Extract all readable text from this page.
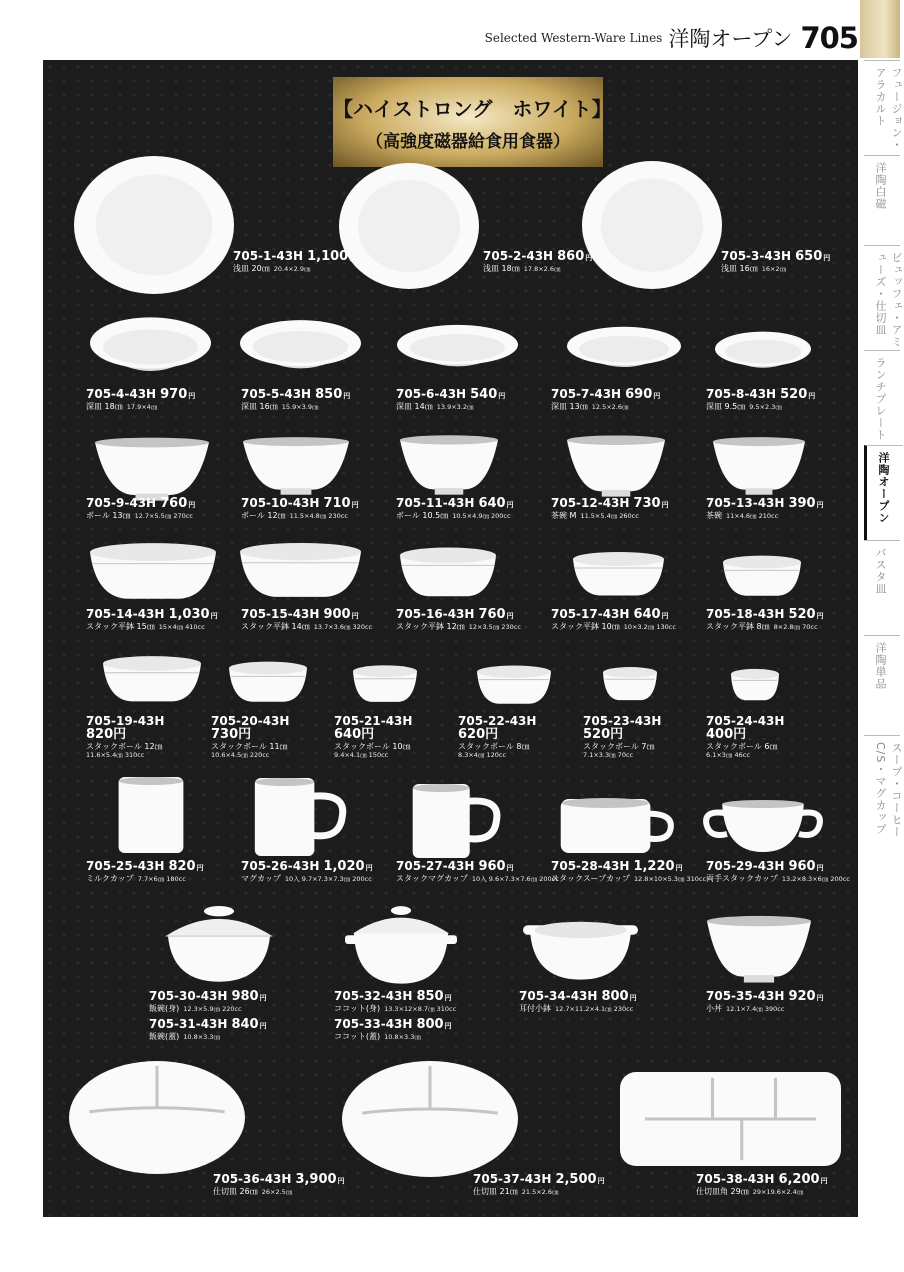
Selected Western-Ware Lines 洋陶オープン 705
【ハイストロング　ホワイト】
（高強度磁器給食用食器）
705-1-43H 1,100
浅皿 20㎝ 20.4×2.9㎝
705-2-43H 860円
浅皿 18㎝ 17.8×2.6㎝
705-3-43H 650円
浅皿 16㎝ 16×2㎝
705-4-43H 970円
深皿 18㎝ 17.9×4㎝
705-5-43H 850円
深皿 16㎝ 15.9×3.9㎝
705-6-43H 540円
深皿 14㎝ 13.9×3.2㎝
705-7-43H 690円
深皿 13㎝ 12.5×2.6㎝
705-8-43H 520円
深皿 9.5㎝ 9.5×2.3㎝
705-9-43H 760円
ボール 13㎝ 12.7×5.5㎝ 270cc
705-10-43H 710円
ボール 12㎝ 11.5×4.8㎝ 230cc
705-11-43H 640円
ボール 10.5㎝ 10.5×4.9㎝ 200cc
705-12-43H 730円
茶碗 M 11.5×5.4㎝ 260cc
705-13-43H 390円
茶碗 11×4.6㎝ 210cc
705-14-43H 1,030円
スタック平鉢 15㎝ 15×4㎝ 410cc
705-15-43H 900円
スタック平鉢 14㎝ 13.7×3.6㎝ 320cc
705-16-43H 760円
スタック平鉢 12㎝ 12×3.5㎝ 230cc
705-17-43H 640円
スタック平鉢 10㎝ 10×3.2㎝ 130cc
705-18-43H 520円
スタック平鉢 8㎝ 8×2.8㎝ 70cc
705-19-43H
820円
スタックボール 12㎝
11.6×5.4㎝ 310cc
705-20-43H
730円
スタックボール 11㎝
10.6×4.5㎝ 220cc
705-21-43H
640円
スタックボール 10㎝
9.4×4.1㎝ 150cc
705-22-43H
620円
スタックボール 8㎝
8.3×4㎝ 120cc
705-23-43H
520円
スタックボール 7㎝
7.1×3.3㎝ 70cc
705-24-43H
400円
スタックボール 6㎝
6.1×3㎝ 46cc
705-25-43H 820円
ミルクカップ 7.7×6㎝ 180cc
705-26-43H 1,020円
マグカップ 10入 9.7×7.3×7.3㎝ 200cc
705-27-43H 960円
スタックマグカップ 10入 9.6×7.3×7.6㎝ 200cc
705-28-43H 1,220円
スタックスープカップ 12.8×10×5.3㎝ 310cc
705-29-43H 960円
両手スタックカップ 13.2×8.3×6㎝ 200cc
705-30-43H 980円
飯碗(身) 12.3×5.9㎝ 220cc
705-31-43H 840円
飯碗(蓋) 10.8×3.3㎝
705-32-43H 850円
ココット(身) 13.3×12×8.7㎝ 310cc
705-33-43H 800円
ココット(蓋) 10.8×3.3㎝
705-34-43H 800円
耳付小鉢 12.7×11.2×4.1㎝ 230cc
705-35-43H 920円
小丼 12.1×7.4㎝ 390cc
705-36-43H 3,900円
仕切皿 26㎝ 26×2.5㎝
705-37-43H 2,500円
仕切皿 21㎝ 21.5×2.6㎝
705-38-43H 6,200円
仕切皿角 29㎝ 29×19.6×2.4㎝
フュージョン・アラカルト
洋陶白磁
ビュッフェ・アミューズ・仕切皿
ランチプレート
洋陶オープン
パスタ皿
洋陶単品
スープ・コーヒーC/S・マグカップ
